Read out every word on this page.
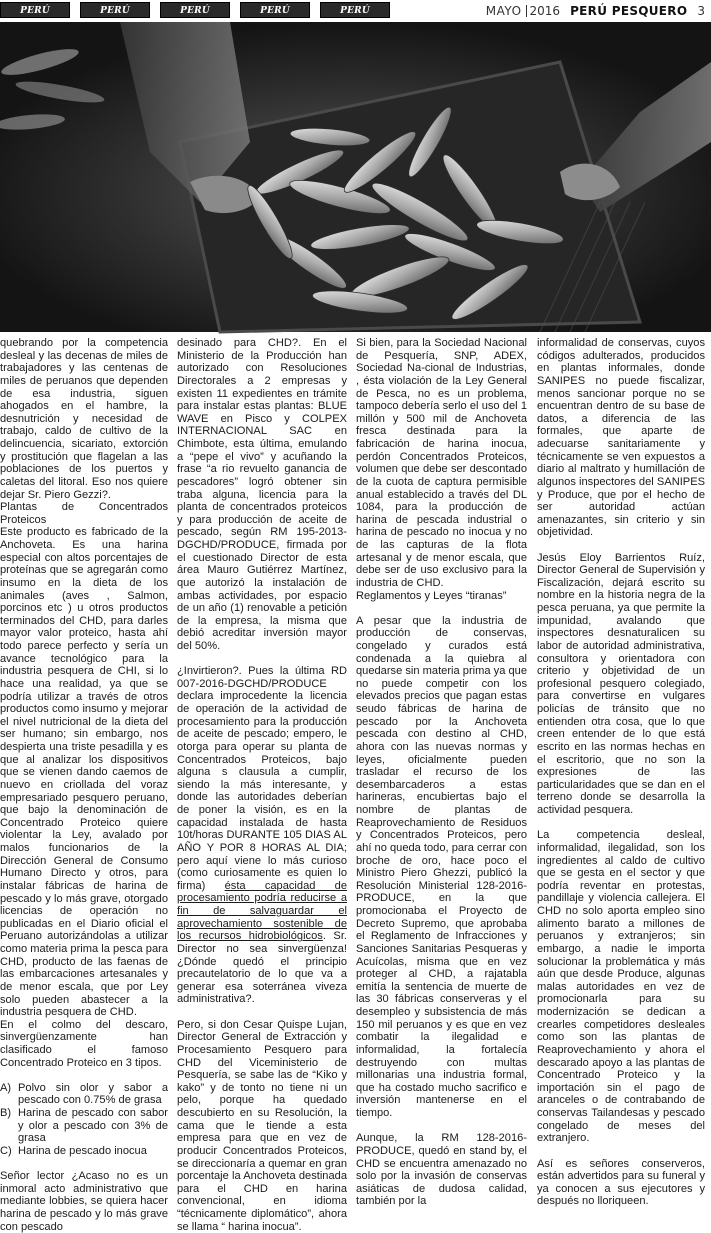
PERÚ	PERÚ	PERÚ	PERÚ	PERÚ	MAYO 2016 PERÚ PESQUERO 3

quebrando por la competencia desleal y las decenas de miles de trabajadores y las centenas de miles de peruanos que dependen de esa industria, siguen ahogados en el hambre, la desnutrición y necesidad de trabajo, caldo de cultivo de la delincuencia, sicariato, extorción y prostitución que flagelan a las poblaciones de los puertos y caletas del litoral. Eso nos quiere dejar Sr. Piero Gezzi?.

Plantas de Concentrados Proteicos

Este producto es fabricado de la Anchoveta. Es una harina especial con altos porcentajes de proteínas que se agregarán como insumo en la dieta de los animales (aves , Salmon, porcinos etc ) u otros productos terminados del CHD, para darles mayor valor proteico, hasta ahí todo parece perfecto y sería un avance tecnológico para la industria pesquera de CHI, si lo hace una realidad, ya que se podría utilizar a través de otros productos como insumo y mejorar el nivel nutricional de la dieta del ser humano; sin embargo, nos despierta una triste pesadilla y es que al analizar los dispositivos que se vienen dando caemos de nuevo en criollada del voraz empresariado pesquero peruano, que bajo la denominación de Concentrado Proteico quiere violentar la Ley, avalado por malos funcionarios de la Dirección General de Consumo Humano Directo y otros, para instalar fábricas de harina de pescado y lo más grave, otorgado licencias de operación no publicadas en el Diario oficial el Peruano autorizándolas a utilizar como materia prima la pesca para CHD, producto de las faenas de las embarcaciones artesanales y de menor escala, que por Ley solo pueden abastecer a la industria pesquera de CHD.

En el colmo del descaro, sinvergüenzamente han clasificado el famoso Concentrado Proteico en 3 tipos.

A) Polvo sin olor y sabor a pescado con 0.75% de grasa
B) Harina de pescado con sabor y olor a pescado con 3% de grasa
C) Harina de pescado inocua

Señor lector ¿Acaso no es un inmoral acto administrativo que mediante lobbies, se quiera hacer harina de pescado y lo más grave con pescado

desinado para CHD?. En el Ministerio de la Producción han autorizado con Resoluciones Directorales a 2 empresas y existen 11 expedientes en trámite para instalar estas plantas: BLUE WAVE en Pisco y COLPEX INTERNACIONAL SAC en Chimbote, esta última, emulando a “pepe el vivo” y acuñando la frase “a rio revuelto ganancia de pescadores” logró obtener sin traba alguna, licencia para la planta de concentrados proteicos y para producción de aceite de pescado, según RM 195-2013-DGCHD/PRODUCE, firmada por el cuestionado Director de esta área Mauro Gutiérrez Martínez, que autorizó la instalación de ambas actividades, por espacio de un año (1) renovable a petición de la empresa, la misma que debió acreditar inversión mayor del 50%.

¿Invirtieron?. Pues la última RD 007-2016-DGCHD/PRODUCE declara improcedente la licencia de operación de la actividad de procesamiento para la producción de aceite de pescado; empero, le otorga para operar su planta de Concentrados Proteicos, bajo alguna s clausula a cumplir, siendo la más interesante, y donde las autoridades deberían de poner la visión, es en la capacidad instalada de hasta 10t/horas DURANTE 105 DIAS AL AÑO Y POR 8 HORAS AL DIA; pero aquí viene lo más curioso (como curiosamente es quien lo firma) ésta capacidad de procesamiento podría reducirse a fin de salvaguardar el aprovechamiento sostenible de los recursos hidrobiológicos. Sr. Director no sea sinvergüenza! ¿Dónde quedó el principio precautelatorio de lo que va a generar esa soterránea viveza administrativa?.

Pero, si don Cesar Quispe Lujan, Director General de Extracción y Procesamiento Pesquero para CHD del Viceministerio de Pesquería, se sabe las de “Kiko y kako” y de tonto no tiene ni un pelo, porque ha quedado descubierto en su Resolución, la cama que le tiende a esta empresa para que en vez de producir Concentrados Proteicos, se direccionaría a quemar en gran porcentaje la Anchoveta destinada para el CHD en harina convencional, en idioma “técnicamente diplomático”, ahora se llama “ harina inocua”.

Si bien, para la Sociedad Nacional de Pesquería, SNP, ADEX, Sociedad Na-cional de Industrias, , ésta violación de la Ley General de Pesca, no es un problema, tampoco debería serlo el uso del 1 millón y 500 mil de Anchoveta fresca destinada para la fabricación de harina inocua, perdón Concentrados Proteicos, volumen que debe ser descontado de la cuota de captura permisible anual establecido a través del DL 1084, para la producción de harina de pescada industrial o harina de pescado no inocua y no de las capturas de la flota artesanal y de menor escala, que debe ser de uso exclusivo para la industria de CHD.

Reglamentos y Leyes “tiranas”

A pesar que la industria de producción de conservas, congelado y curados está condenada a la quiebra al quedarse sin materia prima ya que no puede competir con los elevados precios que pagan estas seudo fábricas de harina de pescado por la Anchoveta pescada con destino al CHD, ahora con las nuevas normas y leyes, oficialmente pueden trasladar el recurso de los desembarcaderos a estas harineras, encubiertas bajo el nombre de plantas de Reaprovechamiento de Residuos y Concentrados Proteicos, pero ahí no queda todo, para cerrar con broche de oro, hace poco el Ministro Piero Ghezzi, publicó la Resolución Ministerial 128-2016-PRODUCE, en la que promocionaba el Proyecto de Decreto Supremo, que aprobaba el Reglamento de Infracciones y Sanciones Sanitarias Pesqueras y Acuícolas, misma que en vez proteger al CHD, a rajatabla emitía la sentencia de muerte de las 30 fábricas conserveras y el desempleo y subsistencia de más 150 mil peruanos y es que en vez combatir la ilegalidad e informalidad, la fortalecía destruyendo con multas millonarias una industria formal, que ha costado mucho sacrifico e inversión mantenerse en el tiempo.

Aunque, la RM 128-2016-PRODUCE, quedó en stand by, el CHD se encuentra amenazado no solo por la invasión de conservas asiáticas de dudosa calidad, también por la

informalidad de conservas, cuyos códigos adulterados, producidos en plantas informales, donde SANIPES no puede fiscalizar, menos sancionar porque no se encuentran dentro de su base de datos, a diferencia de las formales, que aparte de adecuarse sanitariamente y técnicamente se ven expuestos a diario al maltrato y humillación de algunos inspectores del SANIPES y Produce, que por el hecho de ser autoridad actúan amenazantes, sin criterio y sin objetividad.

Jesús Eloy Barrientos Ruíz, Director General de Supervisión y Fiscalización, dejará escrito su nombre en la historia negra de la pesca peruana, ya que permite la impunidad, avalando que inspectores desnaturalicen su labor de autoridad administrativa, consultora y orientadora con criterio y objetividad de un profesional pesquero colegiado, para convertirse en vulgares policías de tránsito que no entienden otra cosa, que lo que creen entender de lo que está escrito en las normas hechas en el escritorio, que no son la expresiones de las particularidades que se dan en el terreno donde se desarrolla la actividad pesquera.

La competencia desleal, informalidad, ilegalidad, son los ingredientes al caldo de cultivo que se gesta en el sector y que podría reventar en protestas, pandillaje y violencia callejera. El CHD no solo aporta empleo sino alimento barato a millones de peruanos y extranjeros; sin embargo, a nadie le importa solucionar la problemática y más aún que desde Produce, algunas malas autoridades en vez de promocionarla para su modernización se dedican a crearles competidores desleales como son las plantas de Reaprovechamiento y ahora el descarado apoyo a las plantas de Concentrado Proteico y la importación sin el pago de aranceles o de contrabando de conservas Tailandesas y pescado congelado de meses del extranjero.

Así es señores conserveros, están advertidos para su funeral y ya conocen a sus ejecutores y después no lloriqueen.
